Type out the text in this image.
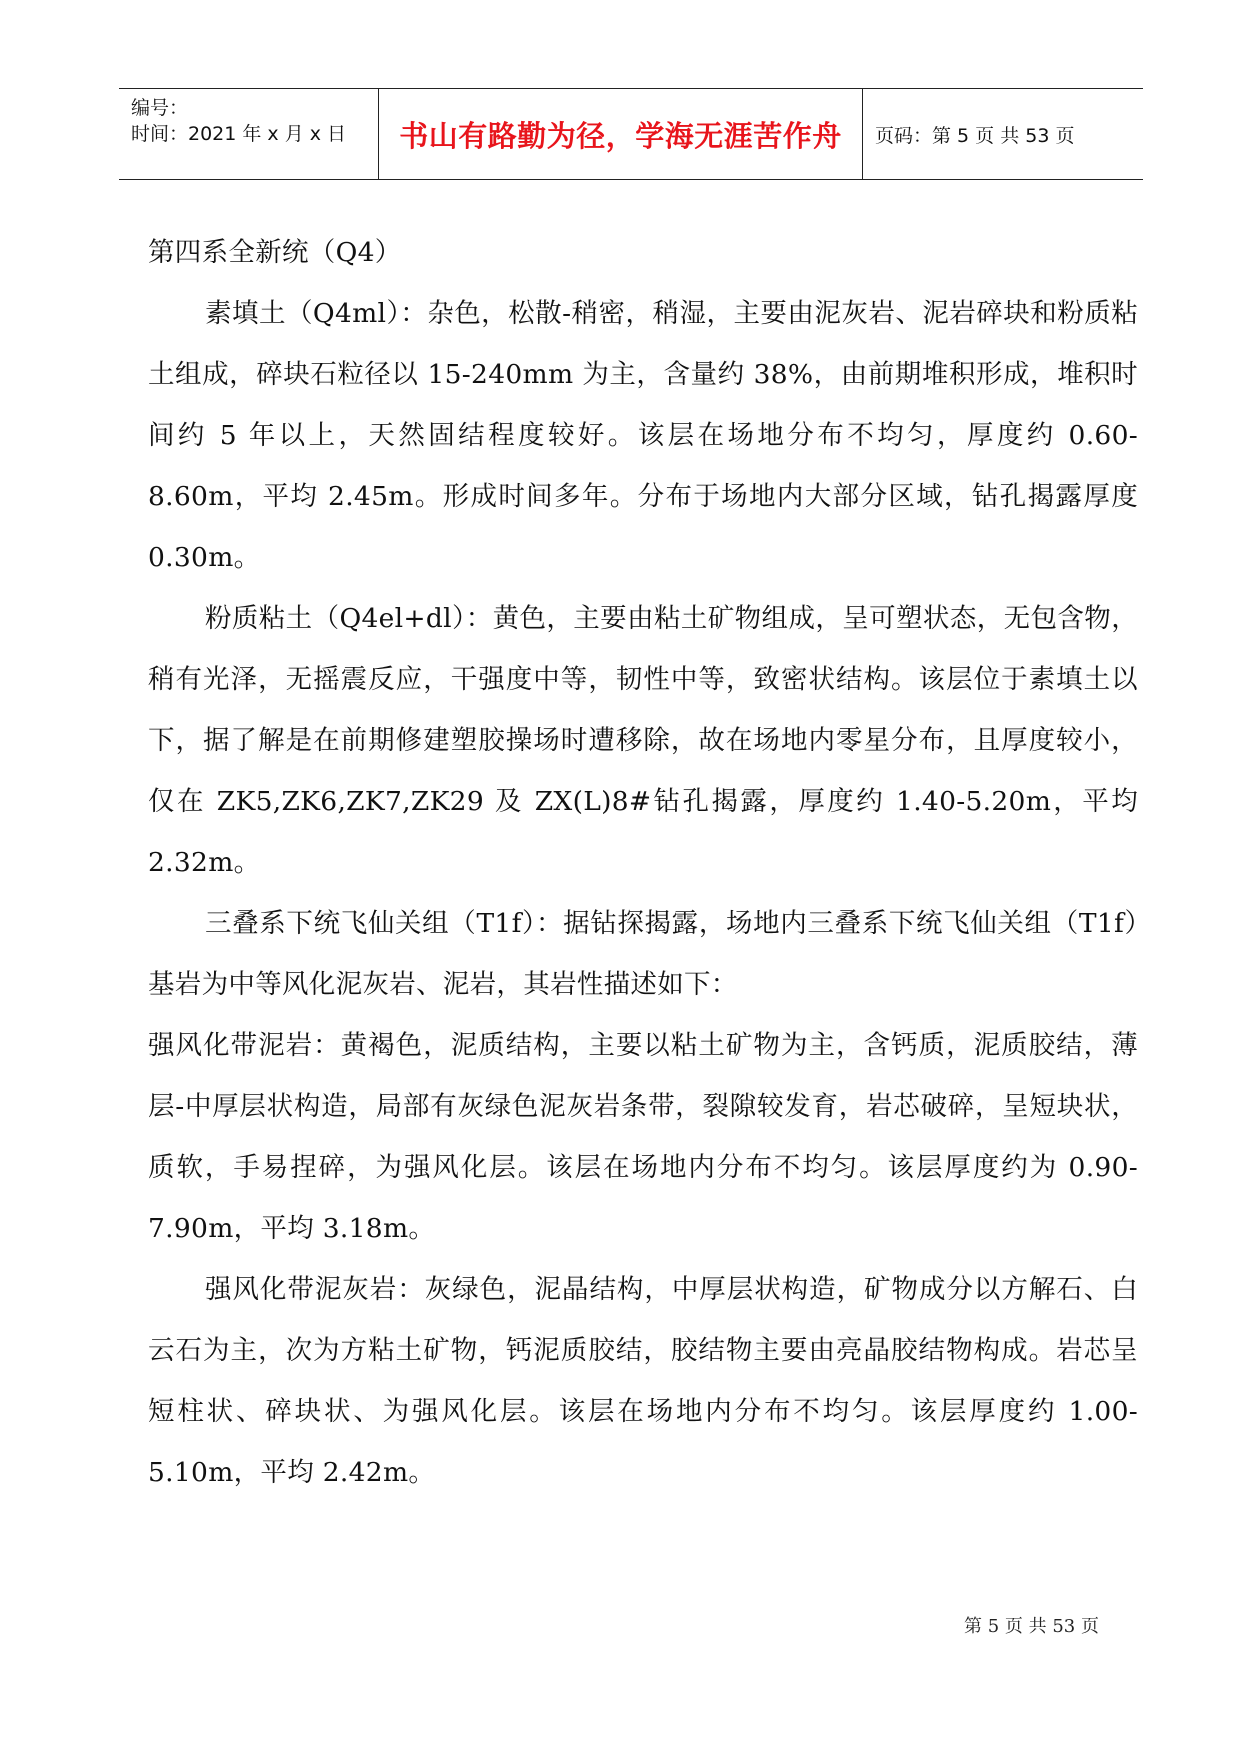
编号：
时间：2021 年 x 月 x 日	书山有路勤为径，学海无涯苦作舟	页码：第 5 页 共 53 页

第四系全新统（Q4）

素填土（Q4ml）：杂色，松散-稍密，稍湿，主要由泥灰岩、泥岩碎块和粉质粘土组成，碎块石粒径以 15-240mm 为主，含量约 38%，由前期堆积形成，堆积时间约 5 年以上，天然固结程度较好。该层在场地分布不均匀，厚度约 0.60-8.60m，平均 2.45m。形成时间多年。分布于场地内大部分区域，钻孔揭露厚度 0.30m。

粉质粘土（Q4el+dl）：黄色，主要由粘土矿物组成，呈可塑状态，无包含物，稍有光泽，无摇震反应，干强度中等，韧性中等，致密状结构。该层位于素填土以下，据了解是在前期修建塑胶操场时遭移除，故在场地内零星分布，且厚度较小，仅在 ZK5,ZK6,ZK7,ZK29 及 ZX(L)8#钻孔揭露，厚度约 1.40-5.20m，平均 2.32m。

三叠系下统飞仙关组（T1f）：据钻探揭露，场地内三叠系下统飞仙关组（T1f）基岩为中等风化泥灰岩、泥岩，其岩性描述如下：

强风化带泥岩：黄褐色，泥质结构，主要以粘土矿物为主，含钙质，泥质胶结，薄层-中厚层状构造，局部有灰绿色泥灰岩条带，裂隙较发育，岩芯破碎，呈短块状，质软，手易捏碎，为强风化层。该层在场地内分布不均匀。该层厚度约为 0.90-7.90m，平均 3.18m。

强风化带泥灰岩：灰绿色，泥晶结构，中厚层状构造，矿物成分以方解石、白云石为主，次为方粘土矿物，钙泥质胶结，胶结物主要由亮晶胶结物构成。岩芯呈短柱状、碎块状、为强风化层。该层在场地内分布不均匀。该层厚度约 1.00-5.10m，平均 2.42m。

第 5 页 共 53 页
